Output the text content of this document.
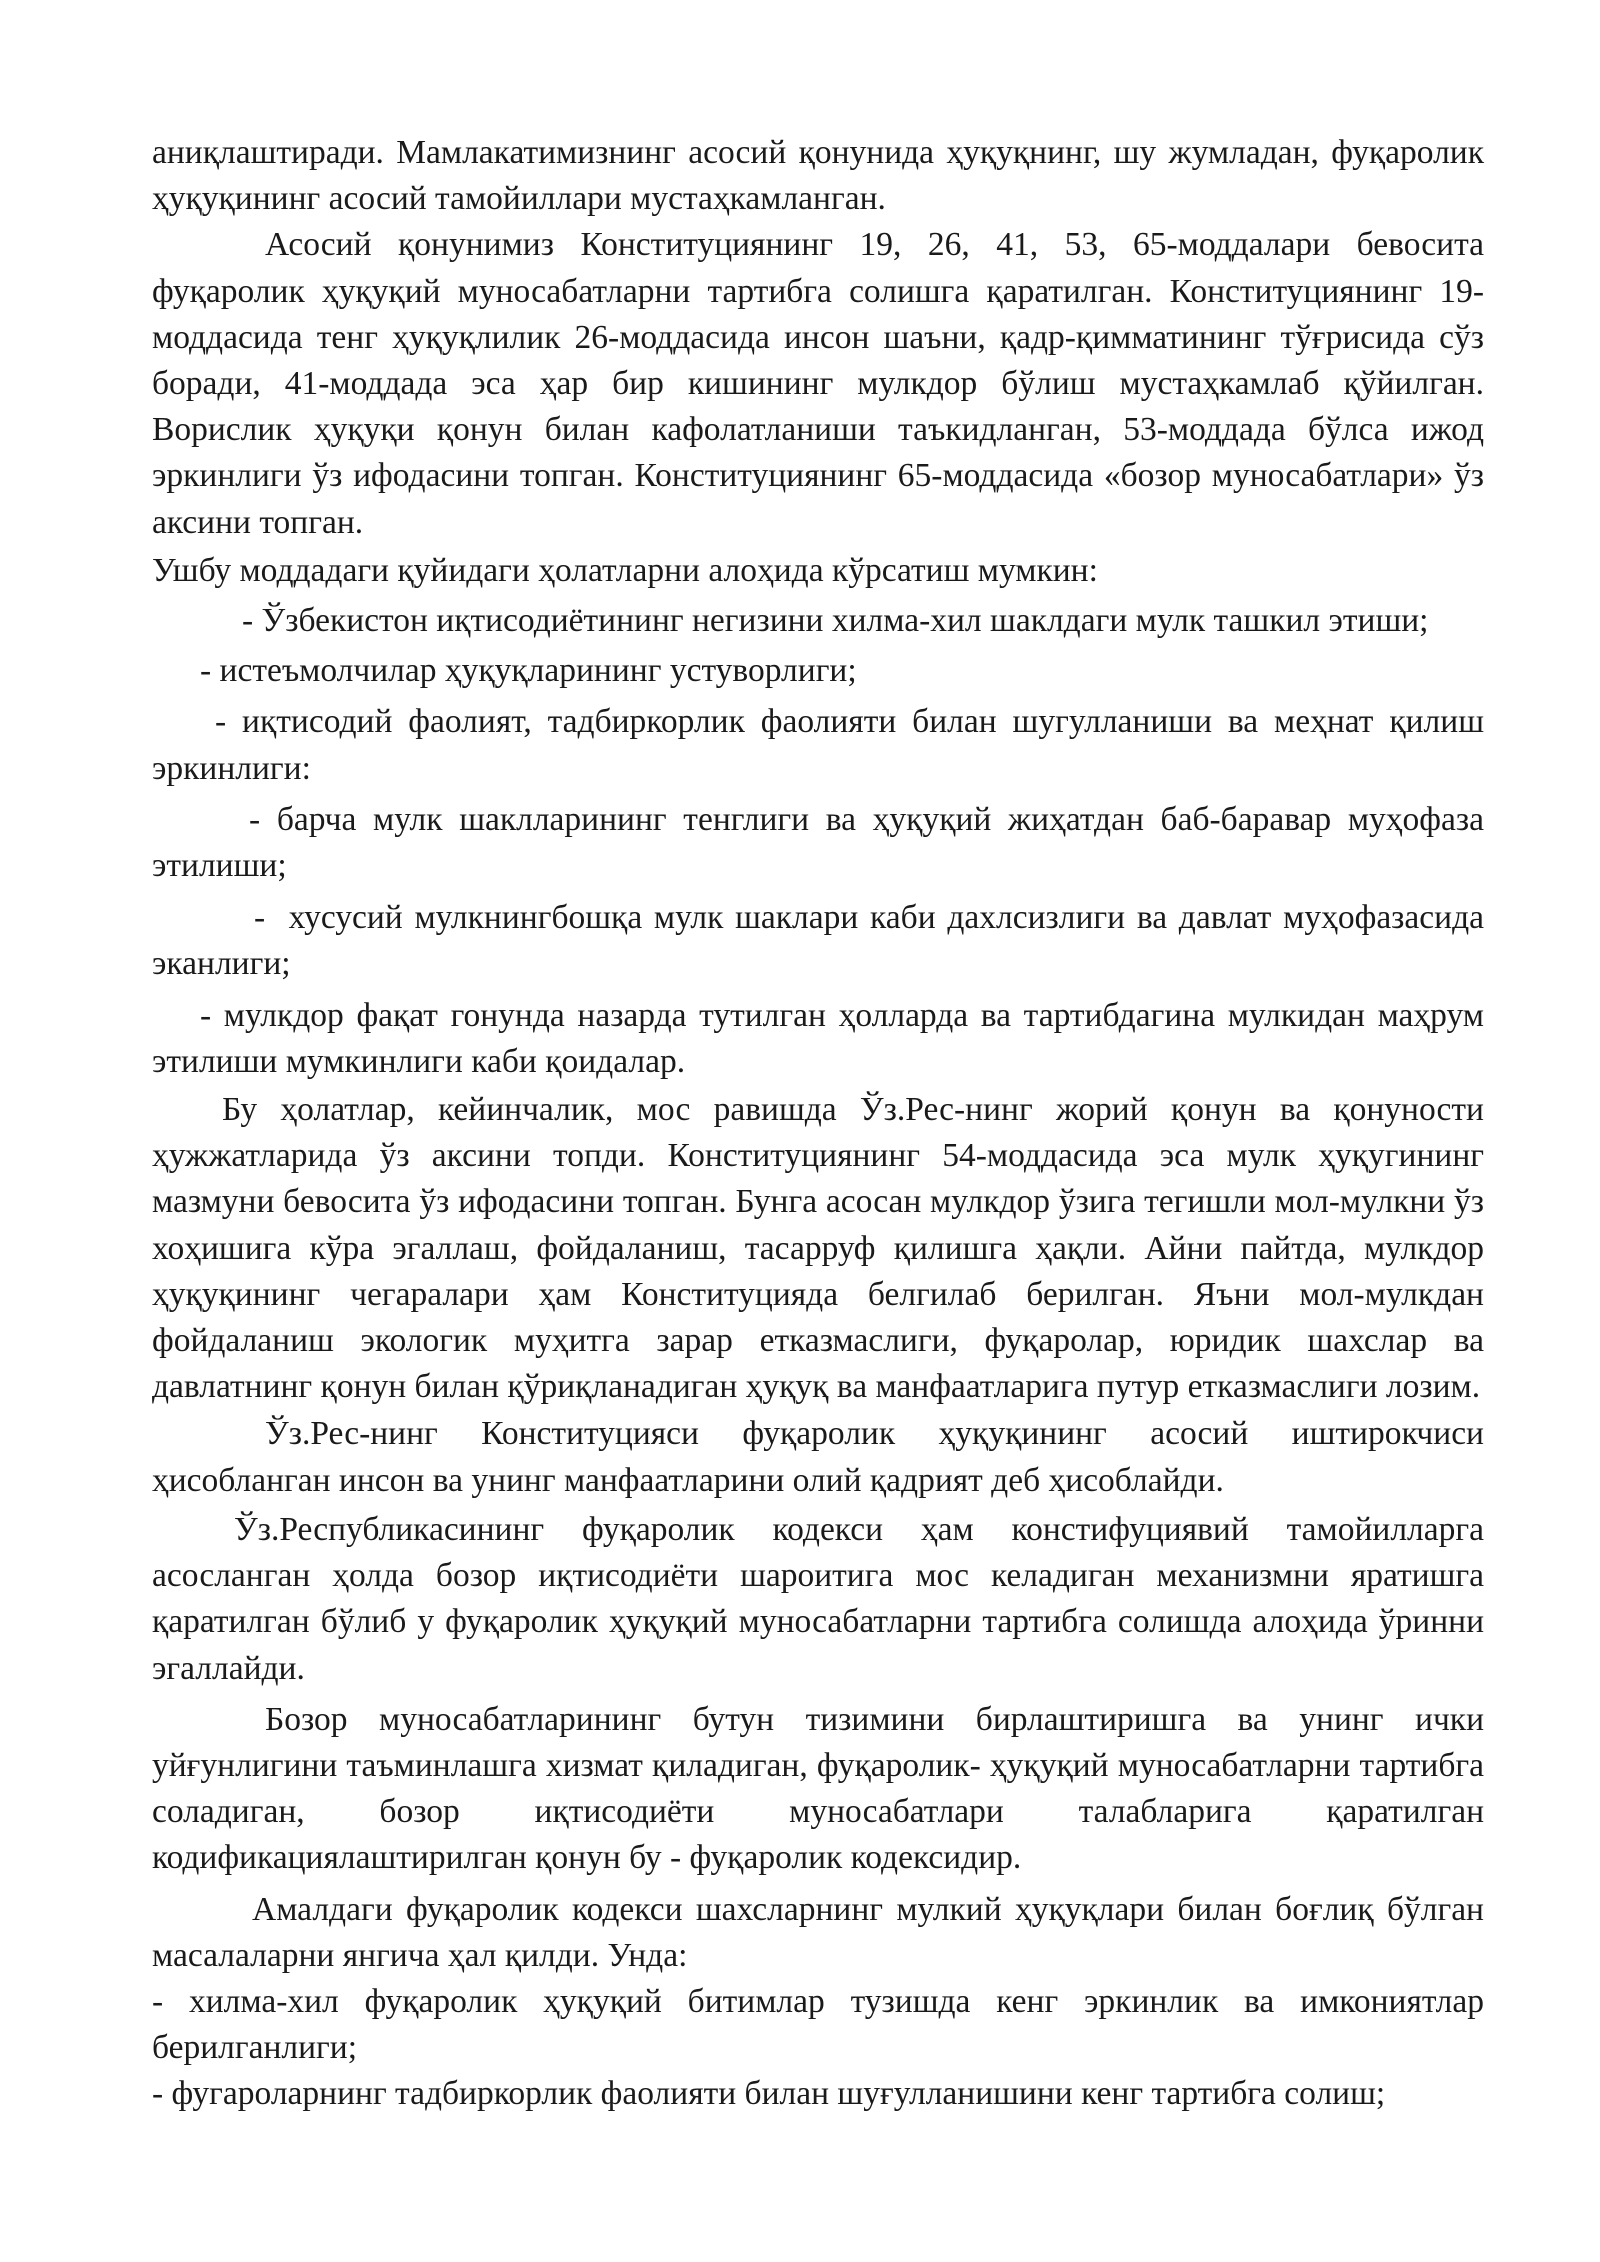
аниқлаштиради. Мамлакатимизнинг асосий қонунида ҳуқуқнинг, шу жумладан, фуқаролик ҳуқуқининг асосий тамойиллари мустаҳкамланган.

Асосий қонунимиз Конституциянинг 19, 26, 41, 53, 65-моддалари бевосита фуқаролик ҳуқуқий муносабатларни тартибга солишга қаратилган. Конституциянинг 19-моддасида тенг ҳуқуқлилик 26-моддасида инсон шаъни, қадр-қимматининг тўғрисида сўз боради, 41-моддада эса ҳар бир кишининг мулкдор бўлиш мустаҳкамлаб қўйилган. Ворислик ҳуқуқи қонун билан кафолатланиши таъкидланган, 53-моддада бўлса ижод эркинлиги ўз ифодасини топган. Конституциянинг 65-моддасида «бозор муносабатлари» ўз аксини топган.

Ушбу моддадаги қуйидаги ҳолатларни алоҳида кўрсатиш мумкин:

- Ўзбекистон иқтисодиётининг негизини хилма-хил шаклдаги мулк ташкил этиши;

- истеъмолчилар ҳуқуқларининг устуворлиги;

- иқтисодий фаолият, тадбиркорлик фаолияти билан шугулланиши ва меҳнат қилиш эркинлиги:

- барча мулк шаклларининг тенглиги ва ҳуқуқий жиҳатдан баб-баравар муҳофаза этилиши;

-  хусусий мулкнингбошқа мулк шаклари каби дахлсизлиги ва давлат муҳофазасида эканлиги;

- мулкдор фақат гонунда назарда тутилган ҳолларда ва тартибдагина мулкидан маҳрум этилиши мумкинлиги каби қоидалар.

Бу ҳолатлар, кейинчалик, мос равишда Ўз.Рес-нинг жорий қонун ва қонуности ҳужжатларида ўз аксини топди. Конституциянинг 54-моддасида эса мулк ҳуқугининг мазмуни бевосита ўз ифодасини топган. Бунга асосан мулкдор ўзига тегишли мол-мулкни ўз хоҳишига кўра эгаллаш, фойдаланиш, тасарруф қилишга ҳақли. Айни пайтда, мулкдор ҳуқуқининг чегаралари ҳам Конституцияда белгилаб берилган. Яъни мол-мулкдан фойдаланиш экологик муҳитга зарар етказмаслиги, фуқаролар, юридик шахслар ва давлатнинг қонун билан қўриқланадиган ҳуқуқ ва манфаатларига путур етказмаслиги лозим.

Ўз.Рес-нинг Конституцияси фуқаролик ҳуқуқининг асосий иштирокчиси ҳисобланган инсон ва унинг манфаатларини олий қадрият деб ҳисоблайди.

Ўз.Республикасининг фуқаролик кодекси ҳам констифуциявий тамойилларга асосланган ҳолда бозор иқтисодиёти шароитига мос келадиган механизмни яратишга қаратилган бўлиб у фуқаролик ҳуқуқий муносабатларни тартибга солишда алоҳида ўринни эгаллайди.

Бозор муносабатларининг бутун тизимини бирлаштиришга ва унинг ички уйғунлигини таъминлашга хизмат қиладиган, фуқаролик- ҳуқуқий муносабатларни тартибга соладиган, бозор иқтисодиёти муносабатлари талабларига қаратилган кодификациялаштирилган қонун бу - фуқаролик кодексидир.

Амалдаги фуқаролик кодекси шахсларнинг мулкий ҳуқуқлари билан боғлиқ бўлган масалаларни янгича ҳал қилди. Унда:

- хилма-хил фуқаролик ҳуқуқий битимлар тузишда кенг эркинлик ва имкониятлар берилганлиги;

- фугароларнинг тадбиркорлик фаолияти билан шуғулланишини кенг тартибга солиш;
